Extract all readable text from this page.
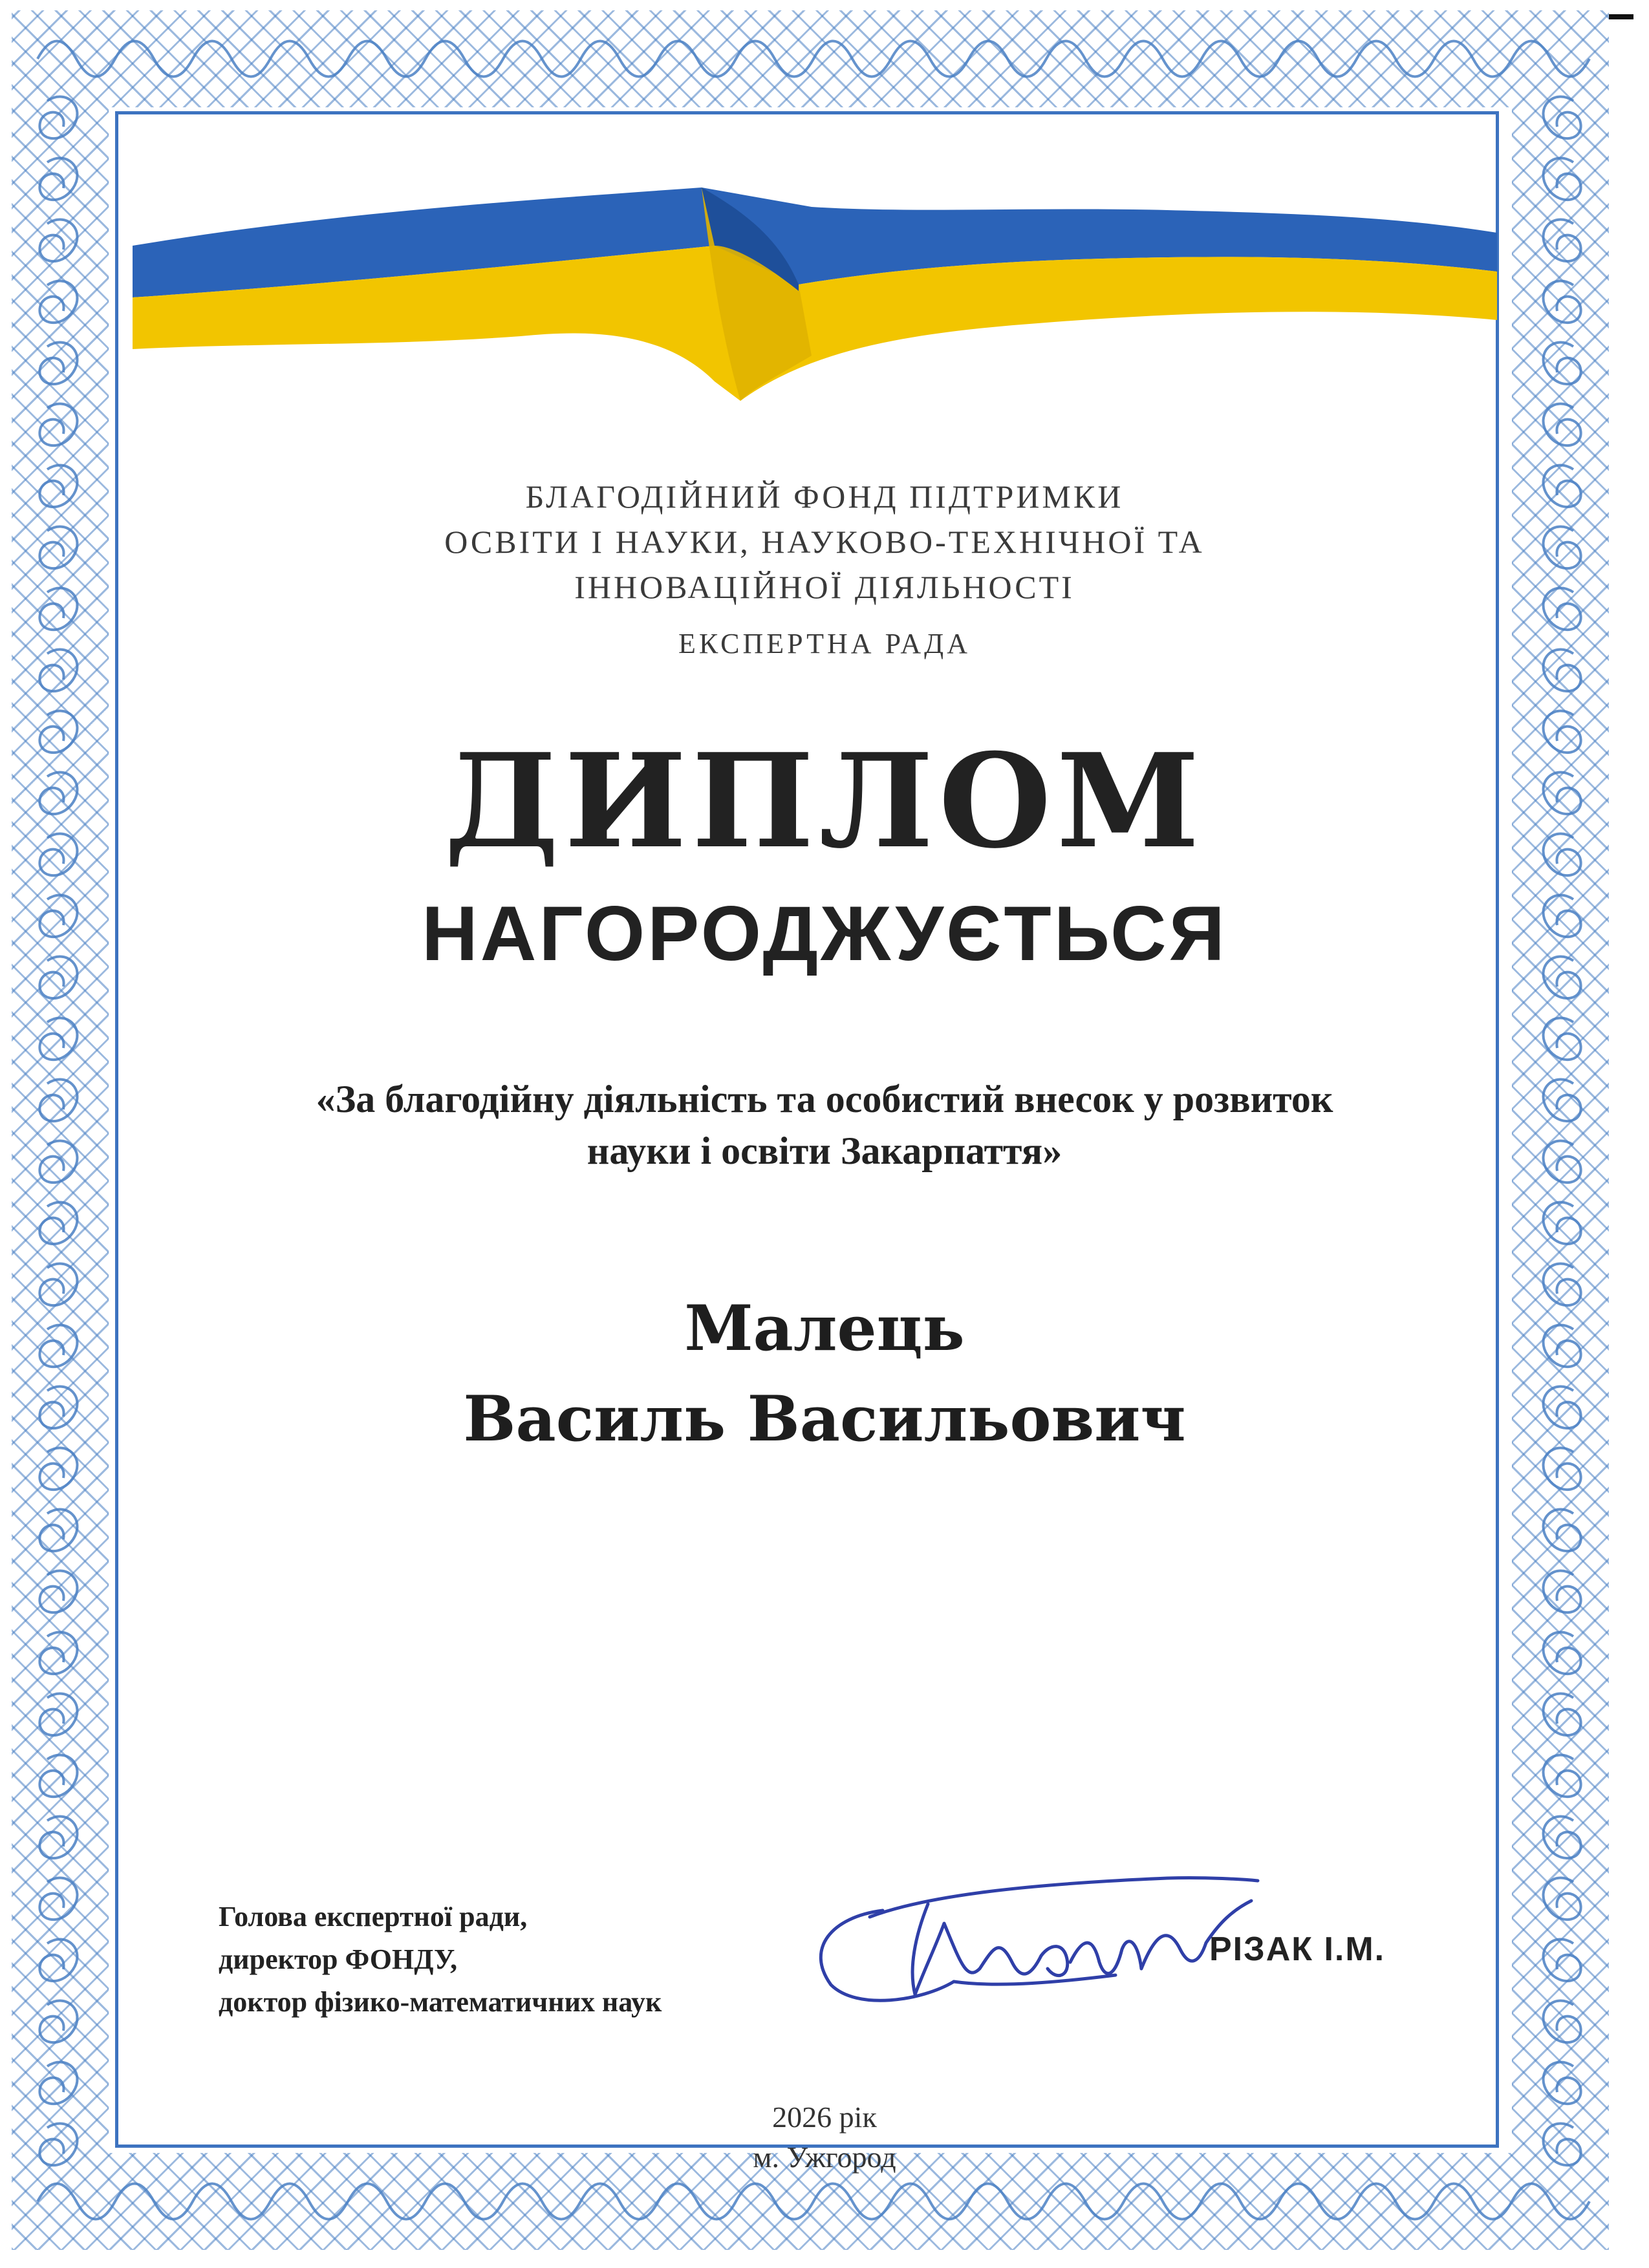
БЛАГОДІЙНИЙ ФОНД ПІДТРИМКИ
ОСВІТИ І НАУКИ, НАУКОВО-ТЕХНІЧНОЇ ТА
ІННОВАЦІЙНОЇ ДІЯЛЬНОСТІ
ЕКСПЕРТНА РАДА
ДИПЛОМ
НАГОРОДЖУЄТЬСЯ
«За благодійну діяльність та особистий внесок у розвиток
науки і освіти Закарпаття»
Малець
Василь Васильович
Голова експертної ради,
директор ФОНДУ,
доктор фізико-математичних наук
РІЗАК І.М.
2026 рік
м. Ужгород
